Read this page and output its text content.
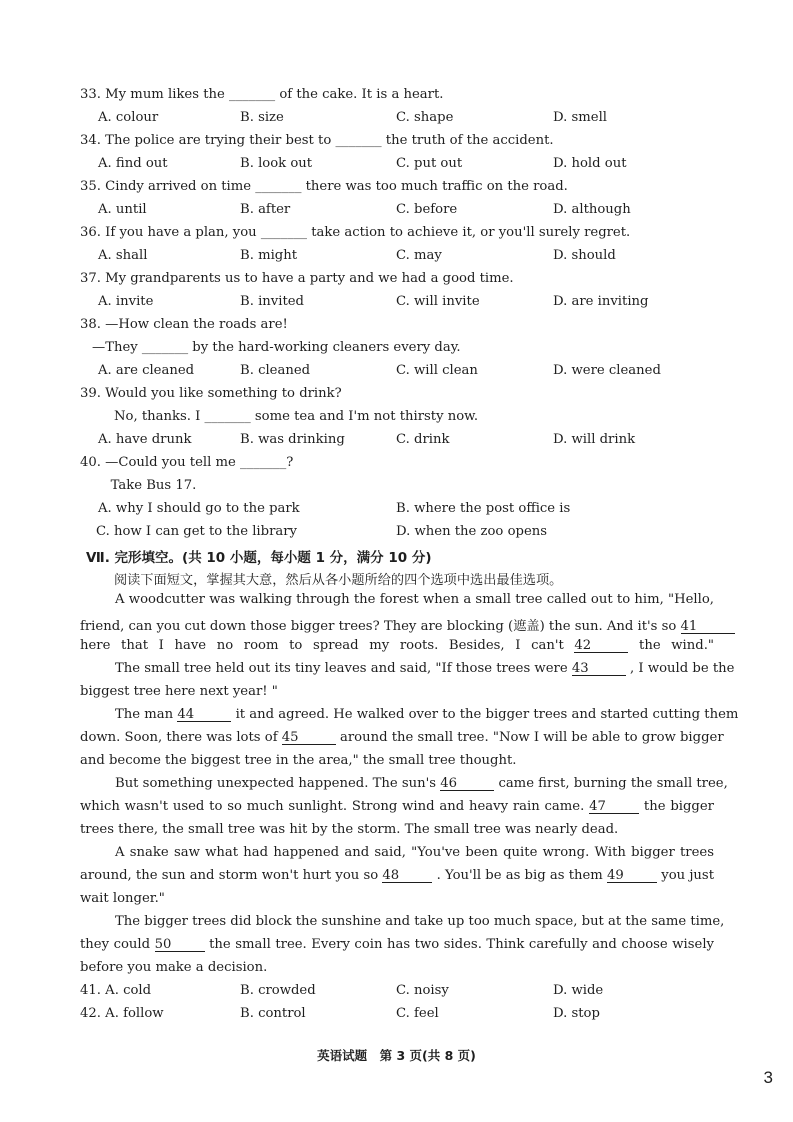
33. My mum likes the _______ of the cake. It is a heart.
A. colour	B. size	C. shape	D. smell
34. The police are trying their best to _______ the truth of the accident.
A. find out	B. look out	C. put out	D. hold out
35. Cindy arrived on time _______ there was too much traffic on the road.
A. until	B. after	C. before	D. although
36. If you have a plan, you _______ take action to achieve it, or you'll surely regret.
A. shall	B. might	C. may	D. should
37. My grandparents us to have a party and we had a good time.
A. invite	B. invited	C. will invite	D. are inviting
38. —How clean the roads are!
—They _______ by the hard-working cleaners every day.
A. are cleaned	B. cleaned	C. will clean	D. were cleaned
39. Would you like something to drink?
No, thanks. I _______ some tea and I'm not thirsty now.
A. have drunk	B. was drinking	C. drink	D. will drink
40. —Could you tell me _______?
Take Bus 17.
A. why I should go to the park	B. where the post office is
C. how I can get to the library	D. when the zoo opens
Ⅶ. 完形填空。(共 10 小题，每小题 1 分，满分 10 分)
阅读下面短文，掌握其大意，然后从各小题所给的四个选项中选出最佳选项。
A woodcutter was walking through the forest when a small tree called out to him, "Hello,
friend, can you cut down those bigger trees? They are blocking (遮盖) the sun. And it's so 41
here that I have no room to spread my roots. Besides, I can't 42	the wind."
The small tree held out its tiny leaves and said, "If those trees were 43	, I would be the
biggest tree here next year! "
The man 44	it and agreed. He walked over to the bigger trees and started cutting them
down. Soon, there was lots of 45	around the small tree. "Now I will be able to grow bigger
and become the biggest tree in the area," the small tree thought.
But something unexpected happened. The sun's 46	came first, burning the small tree,
which wasn't used to so much sunlight. Strong wind and heavy rain came. 47	the bigger
trees there, the small tree was hit by the storm. The small tree was nearly dead.
A snake saw what had happened and said, "You've been quite wrong. With bigger trees
around, the sun and storm won't hurt you so 48	. You'll be as big as them 49	you just
wait longer."
The bigger trees did block the sunshine and take up too much space, but at the same time,
they could 50	the small tree. Every coin has two sides. Think carefully and choose wisely
before you make a decision.
41. A. cold	B. crowded	C. noisy	D. wide
42. A. follow	B. control	C. feel	D. stop
英语试题　第 3 页(共 8 页)
3
